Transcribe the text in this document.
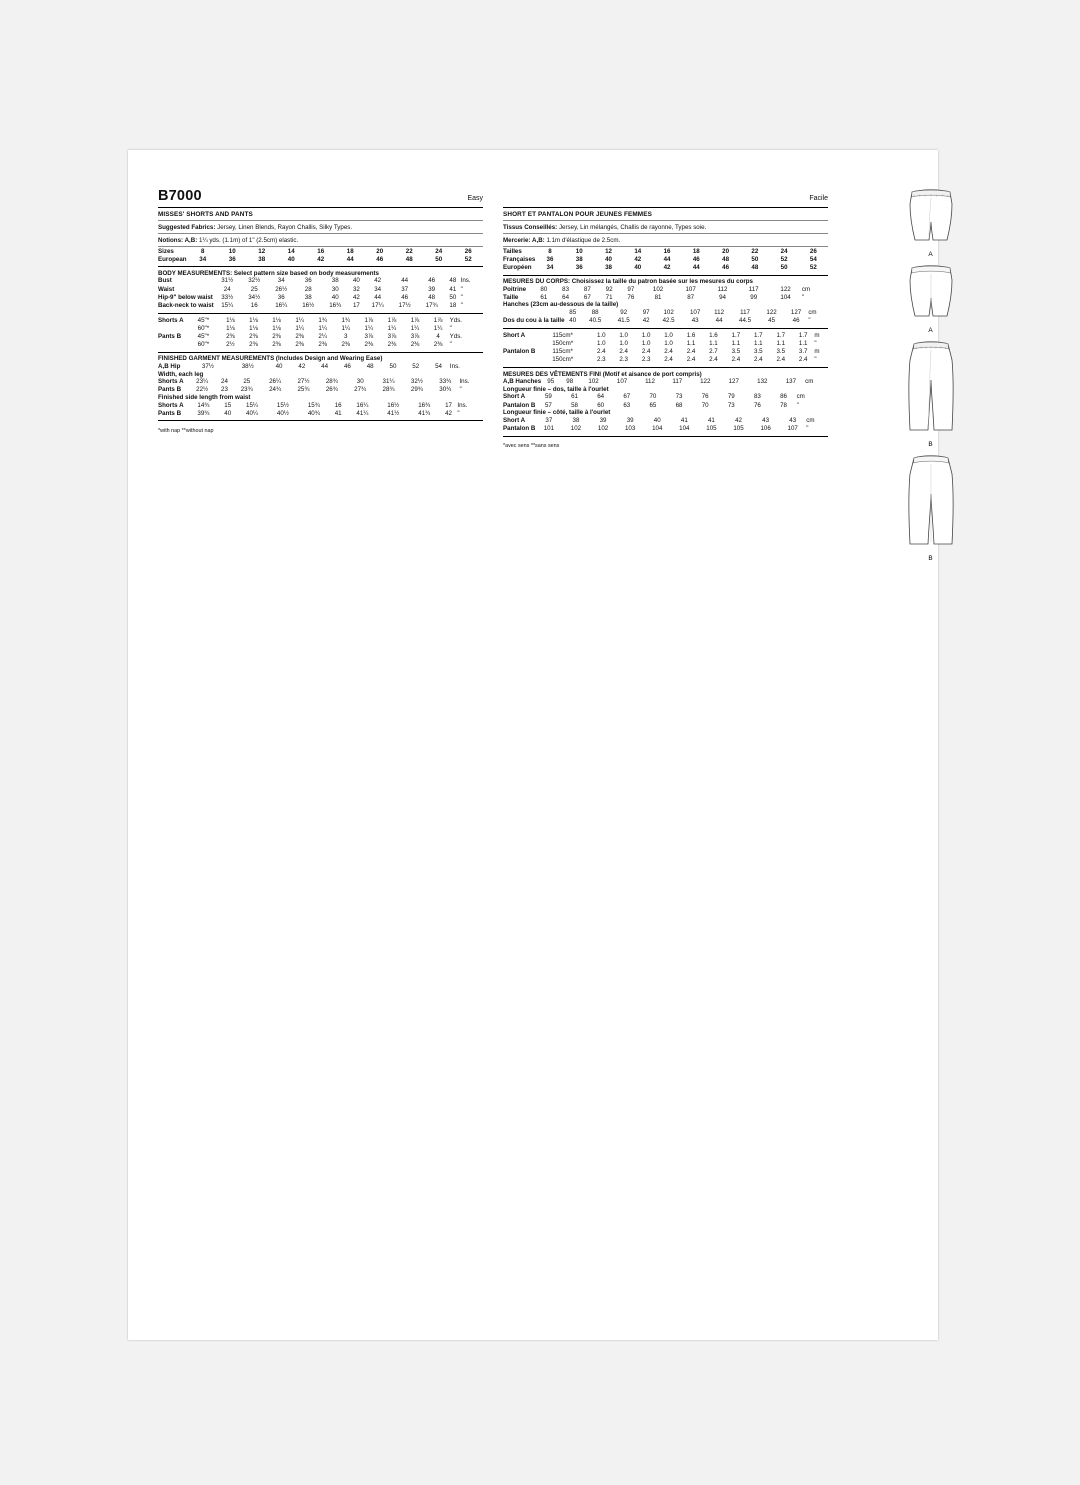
B7000	Easy
MISSES' SHORTS AND PANTS
Suggested Fabrics: Jersey, Linen Blends, Rayon Challis, Silky Types.
Notions: A,B: 1¼ yds. (1.1m) of 1" (2.5cm) elastic.
Sizes	8	10	12	14	16	18	20	22	24	26	
European	34	36	38	40	42	44	46	48	50	52	
BODY MEASUREMENTS: Select pattern size based on body measurements
Bust	31½	32½	34	36	38	40	42	44	46	48	Ins.
Waist	24	25	26½	28	30	32	34	37	39	41	"
Hip-9" below waist	33½	34½	36	38	40	42	44	46	48	50	"
Back-neck to waist	15¼	16	16¼	16½	16¾	17	17¼	17½	17¾	18	"
Shorts A	45"*	1⅛	1⅛	1⅛	1¼	1¾	1¾	1⅞	1⅞	1⅞	1⅞	Yds.
	60"*	1⅛	1⅛	1⅛	1¼	1¼	1¼	1¼	1¼	1¼	1¼	"
Pants B	45"*	2⅜	2⅜	2⅜	2⅜	2¼	3	3⅞	3⅞	3⅞	4	Yds.
	60"*	2½	2⅜	2⅜	2⅜	2⅜	2⅜	2⅜	2⅜	2⅜	2⅜	"
FINISHED GARMENT MEASUREMENTS (Includes Design and Wearing Ease)
A,B Hip	37½	38½	40	42	44	46	48	50	52	54	Ins.
Width, each leg
Shorts A	23¼	24	25	26¼	27½	28¾	30	31¼	32½	33¾	Ins.
Pants B	22½	23	23¾	24¾	25¾	26¾	27¾	28¾	29¾	30¾	"
Finished side length from waist
Shorts A	14¾	15	15¼	15½	15¾	16	16¼	16½	16¾	17	Ins.
Pants B	39¾	40	40¼	40½	40¾	41	41¼	41½	41¾	42	"
*with nap **without nap
Facile
SHORT ET PANTALON POUR JEUNES FEMMES
Tissus Conseillés: Jersey, Lin mélangés, Challis de rayonne, Types soie.
Mercerie: A,B: 1.1m d'élastique de 2.5cm.
Tailles	8	10	12	14	16	18	20	22	24	26	
Françaises	36	38	40	42	44	46	48	50	52	54	
Européen	34	36	38	40	42	44	46	48	50	52	
MESURES DU CORPS: Choisissez la taille du patron basée sur les mesures du corps
Poitrine	80	83	87	92	97	102	107	112	117	122	cm
Taille	61	64	67	71	76	81	87	94	99	104	"
Hanches (23cm au-dessous de la taille)
	85	88	92	97	102	107	112	117	122	127	cm
Dos du cou à la taille	40	40.5	41.5	42	42.5	43	44	44.5	45	46	"
Short A	115cm*	1.0	1.0	1.0	1.0	1.6	1.6	1.7	1.7	1.7	1.7	m
	150cm*	1.0	1.0	1.0	1.0	1.1	1.1	1.1	1.1	1.1	1.1	"
Pantalon B	115cm*	2.4	2.4	2.4	2.4	2.4	2.7	3.5	3.5	3.5	3.7	m
	150cm*	2.3	2.3	2.3	2.4	2.4	2.4	2.4	2.4	2.4	2.4	"
MESURES DES VÊTEMENTS FINI (Motif et aisance de port compris)
A,B Hanches	95	98	102	107	112	117	122	127	132	137	cm
Longueur finie – dos, taille à l'ourlet
Short A	59	61	64	67	70	73	76	79	83	86	cm
Pantalon B	57	58	60	63	65	68	70	73	76	78	"
Longueur finie – côté, taille à l'ourlet
Short A	37	38	39	39	40	41	41	42	43	43	cm
Pantalon B	101	102	102	103	104	104	105	105	106	107	"
*avec sens **sans sens
A
A
B
B
